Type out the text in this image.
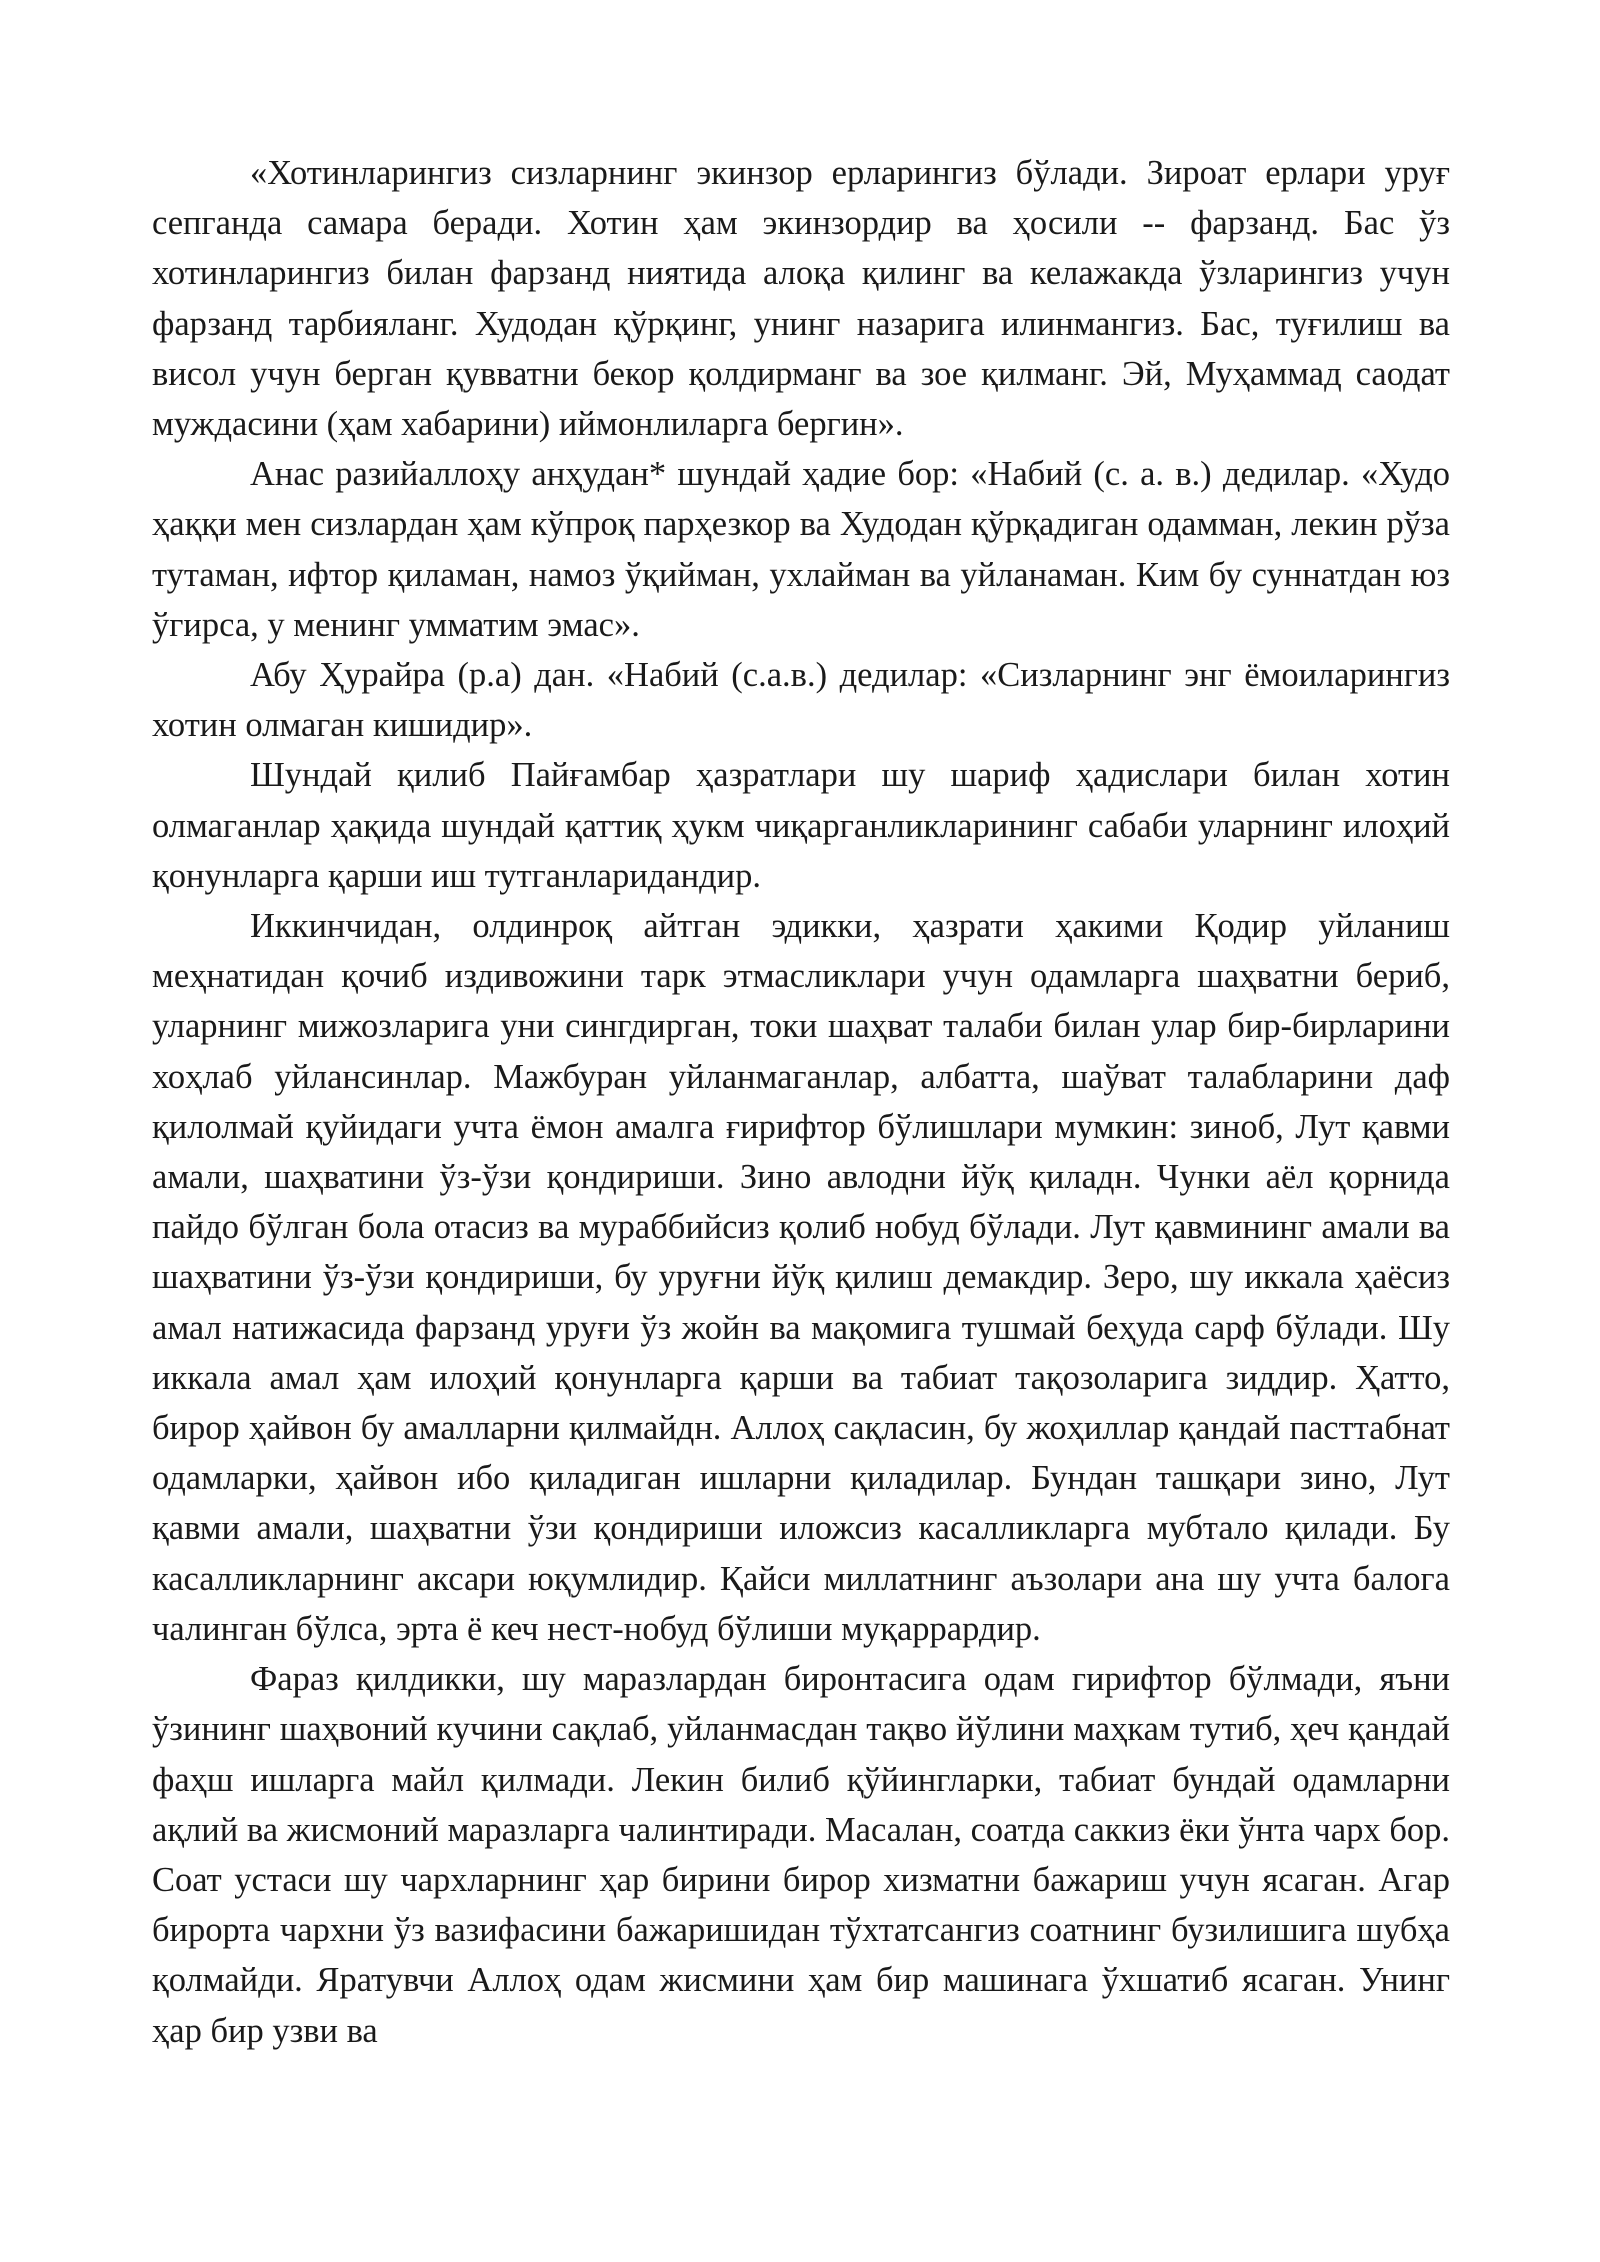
«Хотинларингиз сизларнинг экинзор ерларингиз бўлади. Зироат ерлари уруғ сепганда самара беради. Хотин ҳам экинзордир ва ҳосили -- фарзанд. Бас ўз хотинларингиз билан фарзанд ниятида алоқа қилинг ва келажакда ўзларингиз учун фарзанд тарбияланг. Худодан қўрқинг, унинг назарига илинмангиз. Бас, туғилиш ва висол учун берган қувватни бекор қолдирманг ва зое қилманг. Эй, Муҳаммад саодат муждасини (ҳам хабарини) иймонлиларга бергин».

Анас разийаллоҳу анҳудан* шундай ҳадие бор: «Набий (с. а. в.) дедилар. «Худо ҳаққи мен сизлардан ҳам кўпроқ парҳезкор ва Худодан қўрқадиган одамман, лекин рўза тутаман, ифтор қиламан, намоз ўқийман, ухлайман ва уйланаман. Ким бу суннатдан юз ўгирса, у менинг умматим эмас».

Абу Ҳурайра (р.а) дан. «Набий (с.а.в.) дедилар: «Сизларнинг энг ёмоиларингиз хотин олмаган кишидир».

Шундай қилиб Пайғамбар ҳазратлари шу шариф ҳадислари билан хотин олмаганлар ҳақида шундай қаттиқ ҳукм чиқарганликларининг сабаби уларнинг илоҳий қонунларга қарши иш тутганларидандир.

Иккинчидан, олдинроқ айтган эдикки, ҳазрати ҳакими Қодир уйланиш меҳнатидан қочиб издивожини тарк этмасликлари учун одамларга шаҳватни бериб, уларнинг мижозларига уни сингдирган, токи шаҳват талаби билан улар бир-бирларини хоҳлаб уйлансинлар. Мажбуран уйланмаганлар, албатта, шаўват талабларини даф қилолмай қуйидаги учта ёмон амалга ғирифтор бўлишлари мумкин: зиноб, Лут қавми амали, шаҳватини ўз-ўзи қондириши. Зино авлодни йўқ қиладн. Чунки аёл қорнида пайдо бўлган бола отасиз ва мураббийсиз қолиб нобуд бўлади. Лут қавмининг амали ва шаҳватини ўз-ўзи қондириши, бу уруғни йўқ қилиш демакдир. Зеро, шу иккала ҳаёсиз амал натижасида фарзанд уруғи ўз жойн ва мақомига тушмай беҳуда сарф бўлади. Шу иккала амал ҳам илоҳий қонунларга қарши ва табиат тақозоларига зиддир. Ҳатто, бирор ҳайвон бу амалларни қилмайдн. Аллоҳ сақласин, бу жоҳиллар қандай пасттабнат одамларки, ҳайвон ибо қиладиган ишларни қиладилар. Бундан ташқари зино, Лут қавми амали, шаҳватни ўзи қондириши иложсиз касалликларга мубтало қилади. Бу касалликларнинг аксари юқумлидир. Қайси миллатнинг аъзолари ана шу учта балога чалинган бўлса, эрта ё кеч нест-нобуд бўлиши муқаррардир.

Фараз қилдикки, шу маразлардан биронтасига одам гирифтор бўлмади, яъни ўзининг шаҳвоний кучини сақлаб, уйланмасдан тақво йўлини маҳкам тутиб, ҳеч қандай фаҳш ишларга майл қилмади. Лекин билиб қўйингларки, табиат бундай одамларни ақлий ва жисмоний маразларга чалинтиради. Масалан, соатда саккиз ёки ўнта чарх бор. Соат устаси шу чархларнинг ҳар бирини бирор хизматни бажариш учун ясаган. Агар бирорта чархни ўз вазифасини бажаришидан тўхтатсангиз соатнинг бузилишига шубҳа қолмайди. Яратувчи Аллоҳ одам жисмини ҳам бир машинага ўхшатиб ясаган. Унинг ҳар бир узви ва
